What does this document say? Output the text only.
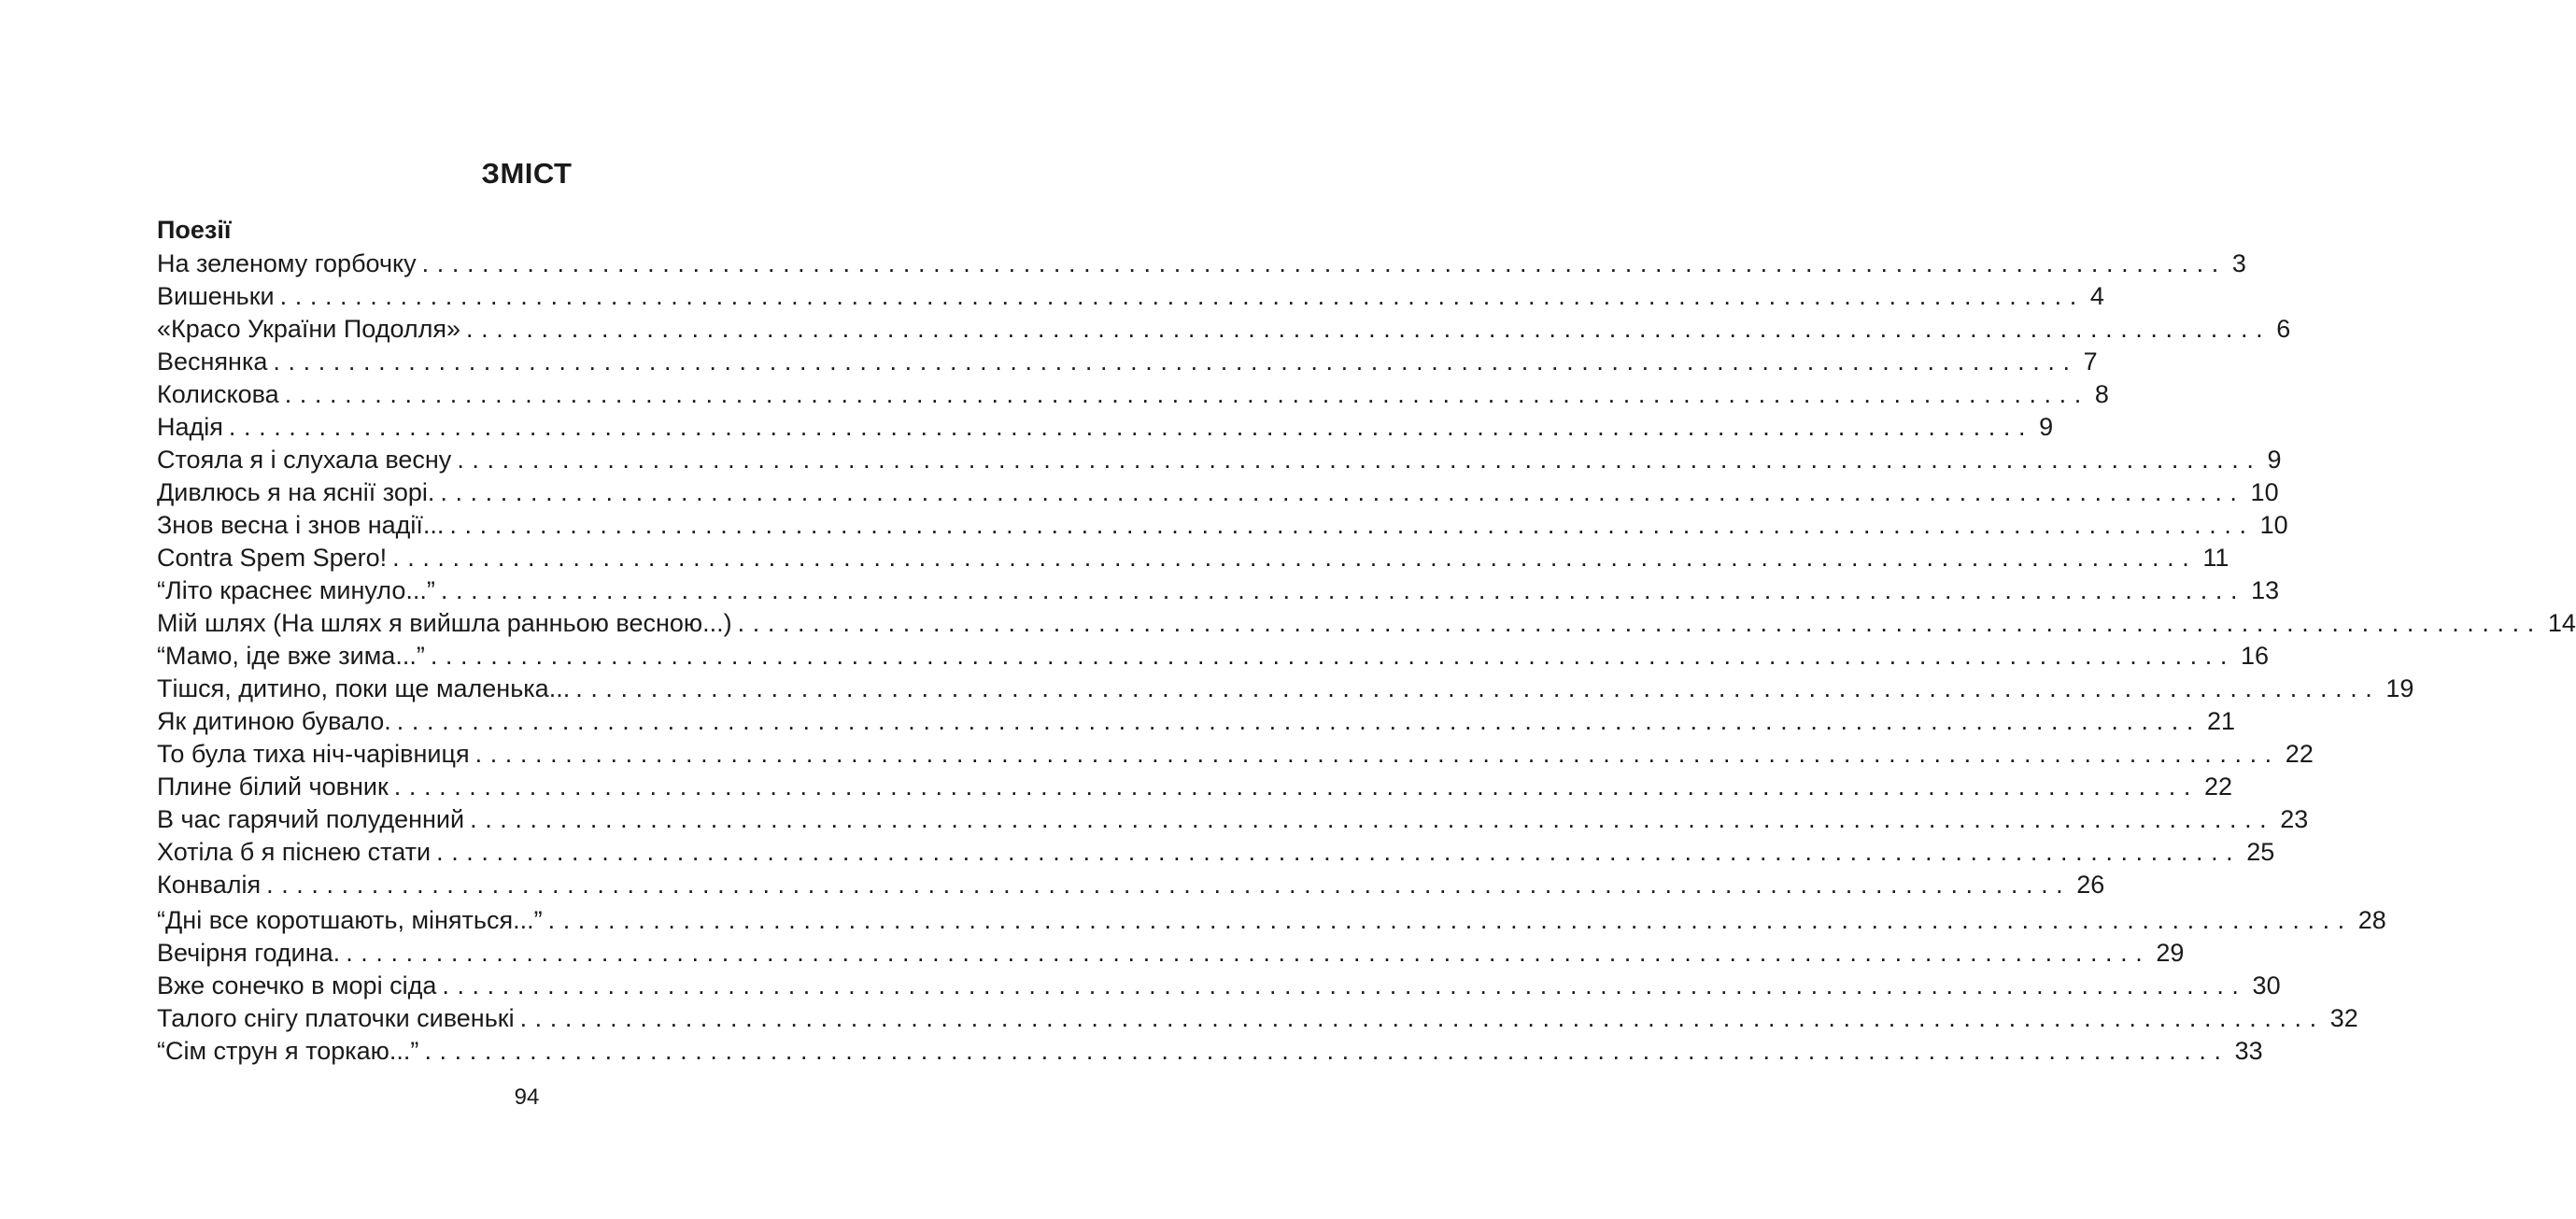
ЗМІСТ
Поезії
На зеленому горбочку ........................................................................................................................ 3
Вишеньки ........................................................................................................................ 4
«Красо України Подолля» ........................................................................................................................ 6
Веснянка ........................................................................................................................ 7
Колискова ........................................................................................................................ 8
Надія ........................................................................................................................ 9
Стояла я і слухала весну ........................................................................................................................ 9
Дивлюсь я на яснії зорі. ........................................................................................................................ 10
Знов весна і знов надії... ........................................................................................................................ 10
Contra Spem Spero! ........................................................................................................................ 11
“Літо краснеє минуло...” ........................................................................................................................ 13
Мій шлях (На шлях я вийшла ранньою весною...) ........................................................................................................................ 14
“Мамо, іде вже зима...” ........................................................................................................................ 16
Тішся, дитино, поки ще маленька... ........................................................................................................................ 19
Як дитиною бувало. ........................................................................................................................ 21
То була тиха ніч-чарівниця ........................................................................................................................ 22
Плине білий човник ........................................................................................................................ 22
В час гарячий полуденний ........................................................................................................................ 23
Хотіла б я піснею стати ........................................................................................................................ 25
Конвалія ........................................................................................................................ 26
“Дні все коротшають, міняться...” ........................................................................................................................ 28
Вечірня година. ........................................................................................................................ 29
Вже сонечко в морі сіда ........................................................................................................................ 30
Талого снігу платочки сивенькі ........................................................................................................................ 32
“Сім струн я торкаю...” ........................................................................................................................ 33
94
